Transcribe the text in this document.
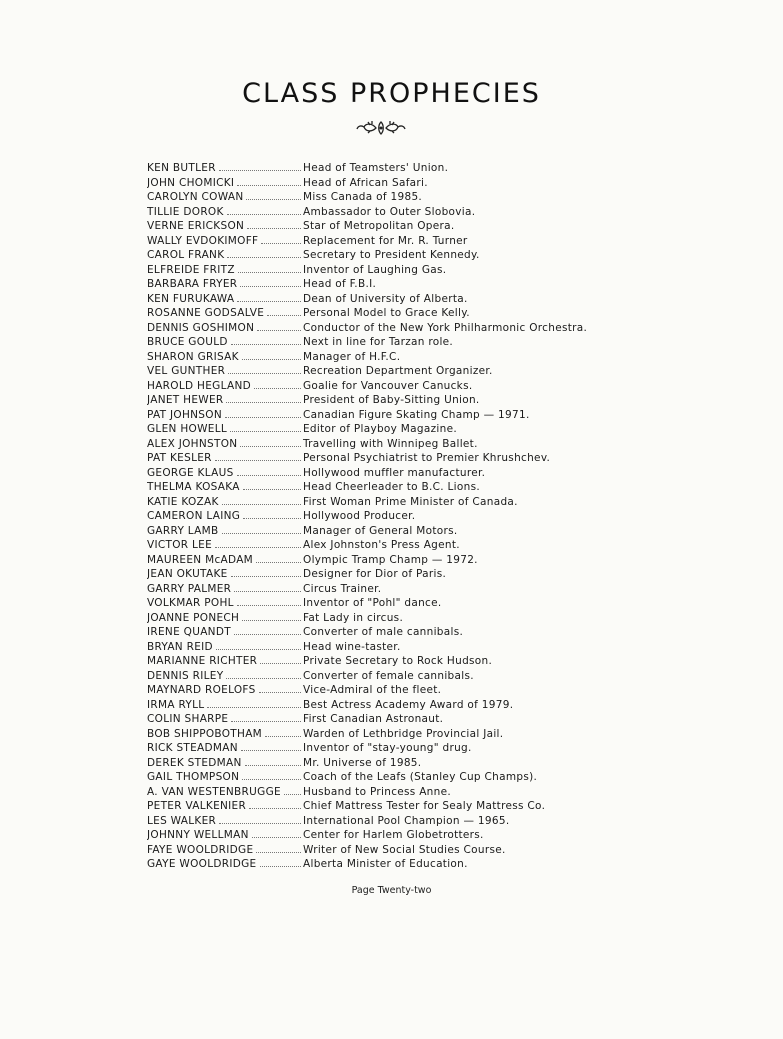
CLASS PROPHECIES
KEN BUTLER	Head of Teamsters' Union.
JOHN CHOMICKI	Head of African Safari.
CAROLYN COWAN	Miss Canada of 1985.
TILLIE DOROK	Ambassador to Outer Slobovia.
VERNE ERICKSON	Star of Metropolitan Opera.
WALLY EVDOKIMOFF	Replacement for Mr. R. Turner
CAROL FRANK	Secretary to President Kennedy.
ELFREIDE FRITZ	Inventor of Laughing Gas.
BARBARA FRYER	Head of F.B.I.
KEN FURUKAWA	Dean of University of Alberta.
ROSANNE GODSALVE	Personal Model to Grace Kelly.
DENNIS GOSHIMON	Conductor of the New York Philharmonic Orchestra.
BRUCE GOULD	Next in line for Tarzan role.
SHARON GRISAK	Manager of H.F.C.
VEL GUNTHER	Recreation Department Organizer.
HAROLD HEGLAND	Goalie for Vancouver Canucks.
JANET HEWER	President of Baby-Sitting Union.
PAT JOHNSON	Canadian Figure Skating Champ — 1971.
GLEN HOWELL	Editor of Playboy Magazine.
ALEX JOHNSTON	Travelling with Winnipeg Ballet.
PAT KESLER	Personal Psychiatrist to Premier Khrushchev.
GEORGE KLAUS	Hollywood muffler manufacturer.
THELMA KOSAKA	Head Cheerleader to B.C. Lions.
KATIE KOZAK	First Woman Prime Minister of Canada.
CAMERON LAING	Hollywood Producer.
GARRY LAMB	Manager of General Motors.
VICTOR LEE	Alex Johnston's Press Agent.
MAUREEN McADAM	Olympic Tramp Champ — 1972.
JEAN OKUTAKE	Designer for Dior of Paris.
GARRY PALMER	Circus Trainer.
VOLKMAR POHL	Inventor of "Pohl" dance.
JOANNE PONECH	Fat Lady in circus.
IRENE QUANDT	Converter of male cannibals.
BRYAN REID	Head wine-taster.
MARIANNE RICHTER	Private Secretary to Rock Hudson.
DENNIS RILEY	Converter of female cannibals.
MAYNARD ROELOFS	Vice-Admiral of the fleet.
IRMA RYLL	Best Actress Academy Award of 1979.
COLIN SHARPE	First Canadian Astronaut.
BOB SHIPPOBOTHAM	Warden of Lethbridge Provincial Jail.
RICK STEADMAN	Inventor of "stay-young" drug.
DEREK STEDMAN	Mr. Universe of 1985.
GAIL THOMPSON	Coach of the Leafs (Stanley Cup Champs).
A. VAN WESTENBRUGGE Husband to Princess Anne.
PETER VALKENIER	Chief Mattress Tester for Sealy Mattress Co.
LES WALKER	International Pool Champion — 1965.
JOHNNY WELLMAN	Center for Harlem Globetrotters.
FAYE WOOLDRIDGE	Writer of New Social Studies Course.
GAYE WOOLDRIDGE	Alberta Minister of Education.
Page Twenty-two
